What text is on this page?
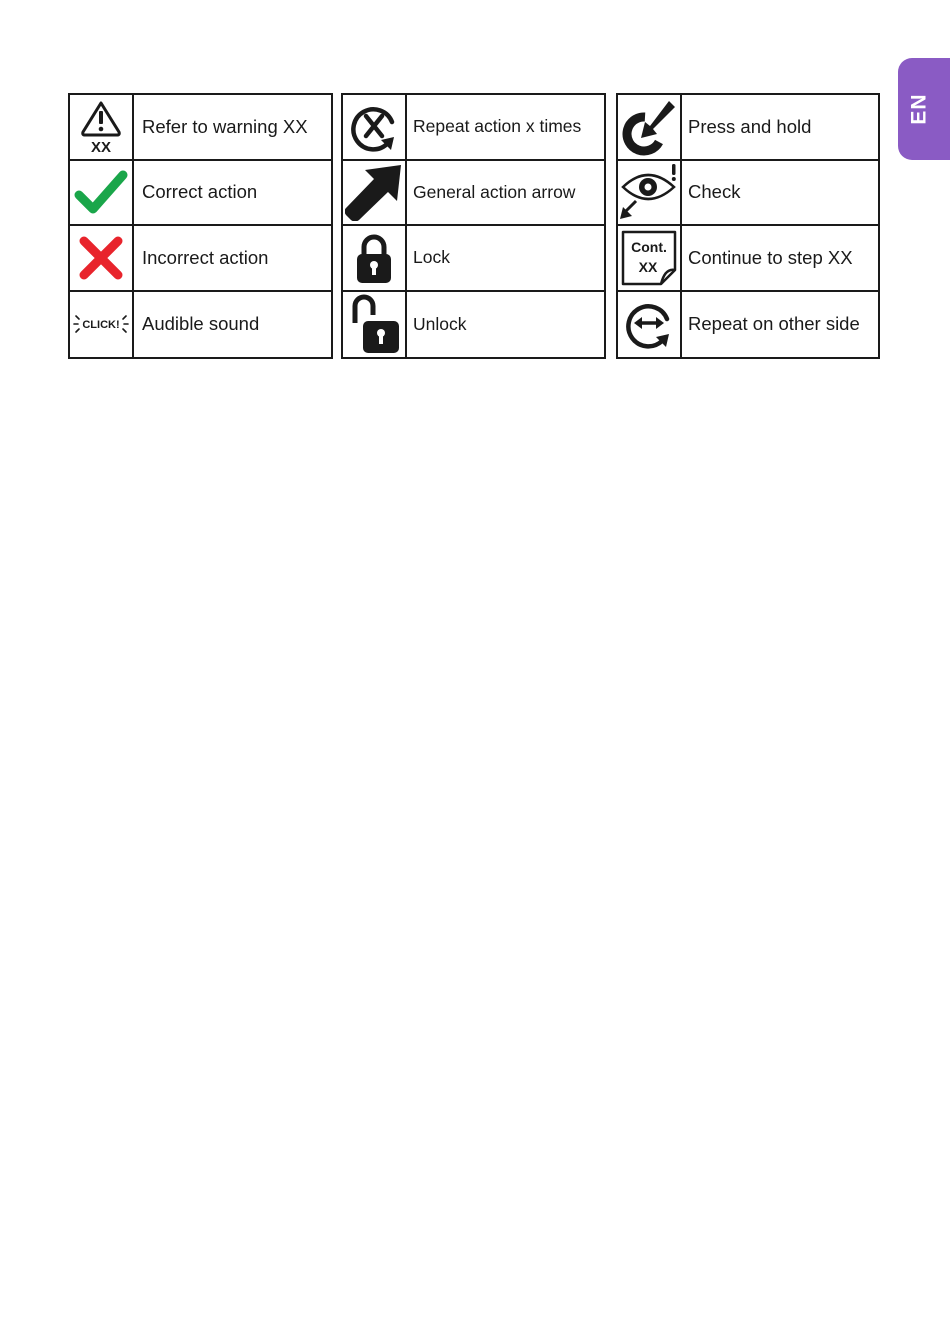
EN
XX
Refer to warning XX
Correct action
Incorrect action
CLICK!	Audible sound
Repeat action x times
General action arrow
Lock
Unlock
Press and hold
Check
Cont.
XX	Continue to step XX
Repeat on other side
